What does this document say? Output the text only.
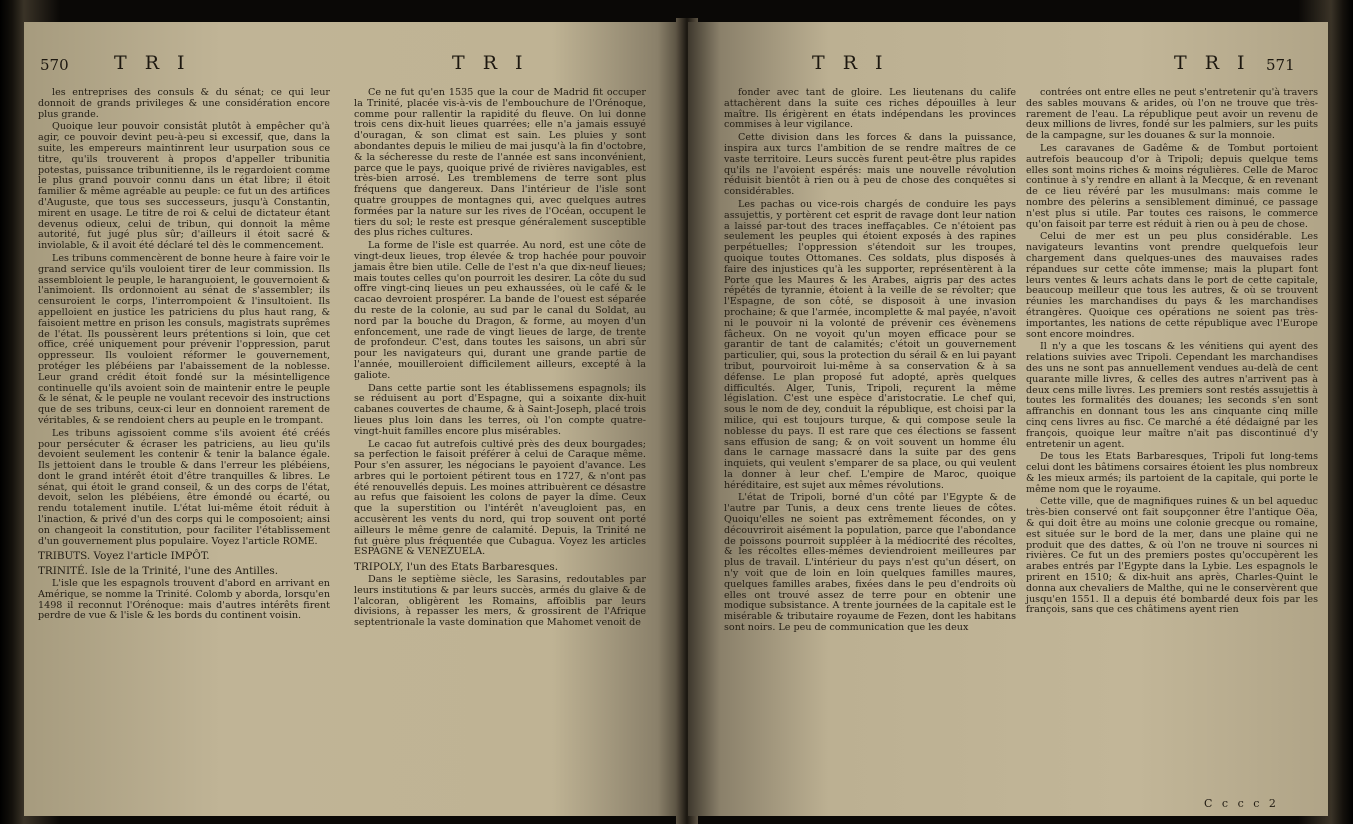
570 T R I	T R I

les entreprises des consuls & du sénat; ce qui leur donnoit de grands privileges & une considération encore plus grande.

Quoique leur pouvoir consistât plutôt à empêcher qu'à agir, ce pouvoir devint peu-à-peu si excessif, que, dans la suite, les empereurs maintinrent leur usurpation sous ce titre, qu'ils trouverent à propos d'appeller tribunitia potestas, puissance tribunitienne, ils le regardoient comme le plus grand pouvoir connu dans un état libre; il étoit familier & même agréable au peuple: ce fut un des artifices d'Auguste, que tous ses successeurs, jusqu'à Constantin, mirent en usage. Le titre de roi & celui de dictateur étant devenus odieux, celui de tribun, qui donnoit la même autorité, fut jugé plus sûr; d'ailleurs il étoit sacré & inviolable, & il avoit été déclaré tel dès le commencement.

Les tribuns commencèrent de bonne heure à faire voir le grand service qu'ils vouloient tirer de leur commission. Ils assembloient le peuple, le haranguoient, le gouvernoient & l'animoient. Ils ordonnoient au sénat de s'assembler; ils censuroient le corps, l'interrompoient & l'insultoient. Ils appelloient en justice les patriciens du plus haut rang, & faisoient mettre en prison les consuls, magistrats suprêmes de l'état. Ils poussèrent leurs prétentions si loin, que cet office, créé uniquement pour prévenir l'oppression, parut oppresseur. Ils vouloient réformer le gouvernement, protéger les plébéiens par l'abaissement de la noblesse. Leur grand crédit étoit fondé sur la mésintelligence continuelle qu'ils avoient soin de maintenir entre le peuple & le sénat, & le peuple ne voulant recevoir des instructions que de ses tribuns, ceux-ci leur en donnoient rarement de véritables, & se rendoient chers au peuple en le trompant.

Les tribuns agissoient comme s'ils avoient été créés pour persécuter & écraser les patriciens, au lieu qu'ils devoient seulement les contenir & tenir la balance égale. Ils jettoient dans le trouble & dans l'erreur les plébéiens, dont le grand intérêt étoit d'être tranquilles & libres. Le sénat, qui étoit le grand conseil, & un des corps de l'état, devoit, selon les plébéiens, être émondé ou écarté, ou rendu totalement inutile. L'état lui-même étoit réduit à l'inaction, & privé d'un des corps qui le composoient; ainsi on changeoit la constitution, pour faciliter l'établissement d'un gouvernement plus populaire. Voyez l'article ROME.

TRIBUTS. Voyez l'article IMPÔT.

TRINITÉ. Isle de la Trinité, l'une des Antilles.

L'isle que les espagnols trouvent d'abord en arrivant en Amérique, se nomme la Trinité. Colomb y aborda, lorsqu'en 1498 il reconnut l'Orénoque: mais d'autres intérêts firent perdre de vue & l'isle & les bords du continent voisin.

Ce ne fut qu'en 1535 que la cour de Madrid fit occuper la Trinité, placée vis-à-vis de l'embouchure de l'Orénoque, comme pour rallentir la rapidité du fleuve. On lui donne trois cens dix-huit lieues quarrées; elle n'a jamais essuyé d'ouragan, & son climat est sain. Les pluies y sont abondantes depuis le milieu de mai jusqu'à la fin d'octobre, & la sécheresse du reste de l'année est sans inconvénient, parce que le pays, quoique privé de rivières navigables, est très-bien arrosé. Les tremblemens de terre sont plus fréquens que dangereux. Dans l'intérieur de l'isle sont quatre grouppes de montagnes qui, avec quelques autres formées par la nature sur les rives de l'Océan, occupent le tiers du sol; le reste est presque généralement susceptible des plus riches cultures.

La forme de l'isle est quarrée. Au nord, est une côte de vingt-deux lieues, trop élevée & trop hachée pour pouvoir jamais être bien utile. Celle de l'est n'a que dix-neuf lieues; mais toutes celles qu'on pourroit les desirer. La côte du sud offre vingt-cinq lieues un peu exhaussées, où le café & le cacao devroient prospérer. La bande de l'ouest est séparée du reste de la colonie, au sud par le canal du Soldat, au nord par la bouche du Dragon, & forme, au moyen d'un enfoncement, une rade de vingt lieues de large, de trente de profondeur. C'est, dans toutes les saisons, un abri sûr pour les navigateurs qui, durant une grande partie de l'année, mouilleroient difficilement ailleurs, excepté à la galiote.

Dans cette partie sont les établissemens espagnols; ils se réduisent au port d'Espagne, qui a soixante dix-huit cabanes couvertes de chaume, & à Saint-Joseph, placé trois lieues plus loin dans les terres, où l'on compte quatre-vingt-huit familles encore plus misérables.

Le cacao fut autrefois cultivé près des deux bourgades; sa perfection le faisoit préférer à celui de Caraque même. Pour s'en assurer, les négocians le payoient d'avance. Les arbres qui le portoient pétirent tous en 1727, & n'ont pas été renouvellés depuis. Les moines attribuèrent ce désastre au refus que faisoient les colons de payer la dîme. Ceux que la superstition ou l'intérêt n'aveugloient pas, en accusèrent les vents du nord, qui trop souvent ont porté ailleurs le même genre de calamité. Depuis, la Trinité ne fut guère plus fréquentée que Cubagua. Voyez les articles ESPAGNE & VENEZUELA.

TRIPOLY, l'un des Etats Barbaresques.

Dans le septième siècle, les Sarasins, redoutables par leurs institutions & par leurs succès, armés du glaive & de l'alcoran, obligèrent les Romains, affoiblis par leurs divisions, à repasser les mers, & grossirent de l'Afrique septentrionale la vaste domination que Mahomet venoit de

T R I	T R I 571

fonder avec tant de gloire. Les lieutenans du calife attachèrent dans la suite ces riches dépouilles à leur maître. Ils érigèrent en états indépendans les provinces commises à leur vigilance.

Cette division dans les forces & dans la puissance, inspira aux turcs l'ambition de se rendre maîtres de ce vaste territoire. Leurs succès furent peut-être plus rapides qu'ils ne l'avoient espérés: mais une nouvelle révolution réduisit bientôt à rien ou à peu de chose des conquêtes si considérables.

Les pachas ou vice-rois chargés de conduire les pays assujettis, y portèrent cet esprit de ravage dont leur nation a laissé par-tout des traces ineffaçables. Ce n'étoient pas seulement les peuples qui étoient exposés à des rapines perpétuelles; l'oppression s'étendoit sur les troupes, quoique toutes Ottomanes. Ces soldats, plus disposés à faire des injustices qu'à les supporter, représentèrent à la Porte que les Maures & les Arabes, aigris par des actes répétés de tyrannie, étoient à la veille de se révolter; que l'Espagne, de son côté, se disposoit à une invasion prochaine; & que l'armée, incomplette & mal payée, n'avoit ni le pouvoir ni la volonté de prévenir ces évènemens fâcheux. On ne voyoit qu'un moyen efficace pour se garantir de tant de calamités; c'étoit un gouvernement particulier, qui, sous la protection du sérail & en lui payant tribut, pourvoiroit lui-même à sa conservation & à sa défense. Le plan proposé fut adopté, après quelques difficultés. Alger, Tunis, Tripoli, reçurent la même législation. C'est une espèce d'aristocratie. Le chef qui, sous le nom de dey, conduit la république, est choisi par la milice, qui est toujours turque, & qui compose seule la noblesse du pays. Il est rare que ces élections se fassent sans effusion de sang; & on voit souvent un homme élu dans le carnage massacré dans la suite par des gens inquiets, qui veulent s'emparer de sa place, ou qui veulent la donner à leur chef. L'empire de Maroc, quoique héréditaire, est sujet aux mêmes révolutions.

L'état de Tripoli, borné d'un côté par l'Egypte & de l'autre par Tunis, a deux cens trente lieues de côtes. Quoiqu'elles ne soient pas extrêmement fécondes, on y découvriroit aisément la population, parce que l'abondance de poissons pourroit suppléer à la médiocrité des récoltes, & les récoltes elles-mêmes deviendroient meilleures par plus de travail. L'intérieur du pays n'est qu'un désert, on n'y voit que de loin en loin quelques familles maures, quelques familles arabes, fixées dans le peu d'endroits où elles ont trouvé assez de terre pour en obtenir une modique subsistance. A trente journées de la capitale est le misérable & tributaire royaume de Fezen, dont les habitans sont noirs. Le peu de communication que les deux

contrées ont entre elles ne peut s'entretenir qu'à travers des sables mouvans & arides, où l'on ne trouve que très-rarement de l'eau. La république peut avoir un revenu de deux millions de livres, fondé sur les palmiers, sur les puits de la campagne, sur les douanes & sur la monnoie.

Les caravanes de Gadême & de Tombut portoient autrefois beaucoup d'or à Tripoli; depuis quelque tems elles sont moins riches & moins régulières. Celle de Maroc continue à s'y rendre en allant à la Mecque, & en revenant de ce lieu révéré par les musulmans: mais comme le nombre des pèlerins a sensiblement diminué, ce passage n'est plus si utile. Par toutes ces raisons, le commerce qu'on faisoit par terre est réduit à rien ou à peu de chose.

Celui de mer est un peu plus considérable. Les navigateurs levantins vont prendre quelquefois leur chargement dans quelques-unes des mauvaises rades répandues sur cette côte immense; mais la plupart font leurs ventes & leurs achats dans le port de cette capitale, beaucoup meilleur que tous les autres, & où se trouvent réunies les marchandises du pays & les marchandises étrangères. Quoique ces opérations ne soient pas très-importantes, les nations de cette république avec l'Europe sont encore moindres.

Il n'y a que les toscans & les vénitiens qui ayent des relations suivies avec Tripoli. Cependant les marchandises des uns ne sont pas annuellement vendues au-delà de cent quarante mille livres, & celles des autres n'arrivent pas à deux cens mille livres. Les premiers sont restés assujettis à toutes les formalités des douanes; les seconds s'en sont affranchis en donnant tous les ans cinquante cinq mille cinq cens livres au fisc. Ce marché a été dédaigné par les françois, quoique leur maître n'ait pas discontinué d'y entretenir un agent.

De tous les Etats Barbaresques, Tripoli fut long-tems celui dont les bâtimens corsaires étoient les plus nombreux & les mieux armés; ils partoient de la capitale, qui porte le même nom que le royaume.

Cette ville, que de magnifiques ruines & un bel aqueduc très-bien conservé ont fait soupçonner être l'antique Oëa, & qui doit être au moins une colonie grecque ou romaine, est située sur le bord de la mer, dans une plaine qui ne produit que des dattes, & où l'on ne trouve ni sources ni rivières. Ce fut un des premiers postes qu'occupèrent les arabes entrés par l'Egypte dans la Lybie. Les espagnols le prirent en 1510; & dix-huit ans après, Charles-Quint le donna aux chevaliers de Malthe, qui ne le conservèrent que jusqu'en 1551. Il a depuis été bombardé deux fois par les françois, sans que ces châtimens ayent rien

C c c c 2
